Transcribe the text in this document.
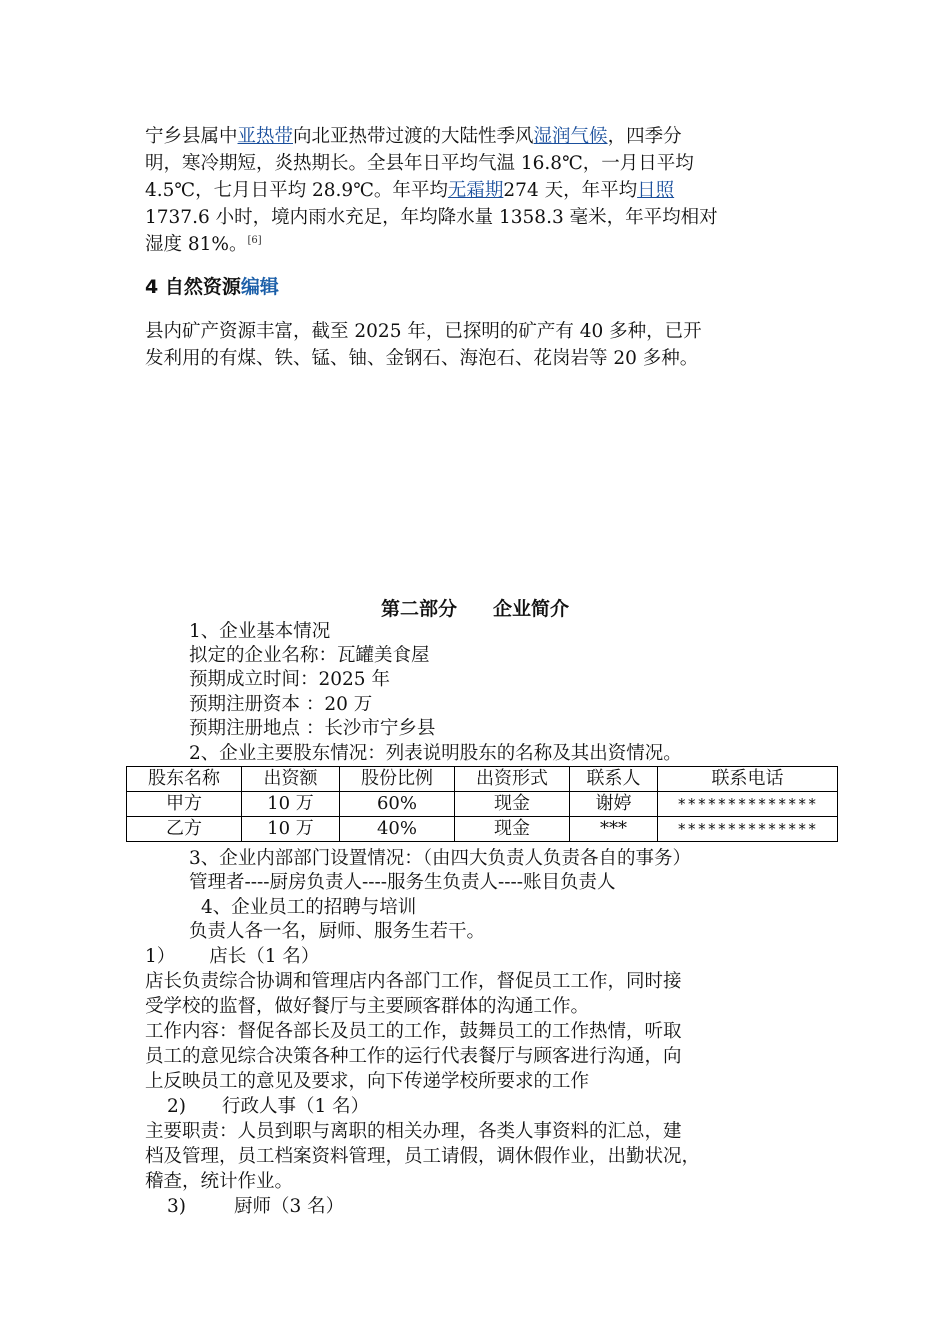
宁乡县属中亚热带向北亚热带过渡的大陆性季风湿润气候，四季分
明，寒冷期短，炎热期长。全县年日平均气温 16.8℃，一月日平均
4.5℃，七月日平均 28.9℃。年平均无霜期274 天，年平均日照
1737.6 小时，境内雨水充足，年均降水量 1358.3 毫米，年平均相对
湿度 81%。[6]
4 自然资源编辑
县内矿产资源丰富，截至 2025 年，已探明的矿产有 40 多种，已开
发利用的有煤、铁、锰、铀、金钢石、海泡石、花岗岩等 20 多种。
第二部分 企业简介
1、企业基本情况
拟定的企业名称：瓦罐美食屋
预期成立时间：2025 年
预期注册资本 ：20 万
预期注册地点 ：长沙市宁乡县
2、企业主要股东情况：列表说明股东的名称及其出资情况。
股东名称	出资额	股份比例	出资形式	联系人	联系电话
甲方	10 万	60%	现金	谢婷	**************
乙方	10 万	40%	现金	***	**************
3、企业内部部门设置情况：（由四大负责人负责各自的事务）
管理者----厨房负责人----服务生负责人----账目负责人
4、企业员工的招聘与培训
负责人各一名，厨师、服务生若干。
1） 店长（1 名）
店长负责综合协调和管理店内各部门工作，督促员工工作，同时接
受学校的监督，做好餐厅与主要顾客群体的沟通工作。
工作内容：督促各部长及员工的工作，鼓舞员工的工作热情，听取
员工的意见综合决策各种工作的运行代表餐厅与顾客进行沟通，向
上反映员工的意见及要求，向下传递学校所要求的工作
2) 行政人事（1 名）
主要职责：人员到职与离职的相关办理，各类人事资料的汇总，建
档及管理，员工档案资料管理，员工请假，调休假作业，出勤状况，
稽查，统计作业。
3)	厨师（3 名）
